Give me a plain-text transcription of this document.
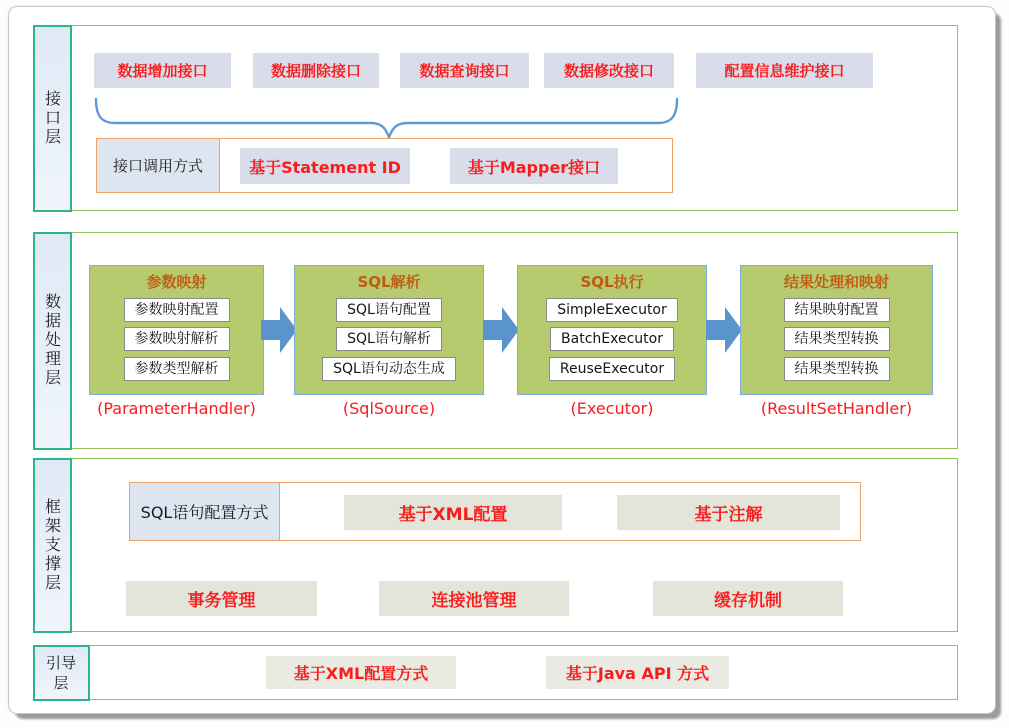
接口层
数据增加接口	数据删除接口	数据查询接口	数据修改接口	配置信息维护接口
接口调用方式	基于Statement ID	基于Mapper接口
数据处理层
参数映射
参数映射配置
参数映射解析
参数类型解析
(ParameterHandler)
SQL解析
SQL语句配置
SQL语句解析
SQL语句动态生成
(SqlSource)
SQL执行
SimpleExecutor
BatchExecutor
ReuseExecutor
(Executor)
结果处理和映射
结果映射配置
结果类型转换
结果类型转换
(ResultSetHandler)
框架支撑层	SQL语句配置方式	基于XML配置	基于注解
事务管理	连接池管理	缓存机制
引导层	基于XML配置方式	基于Java API 方式
